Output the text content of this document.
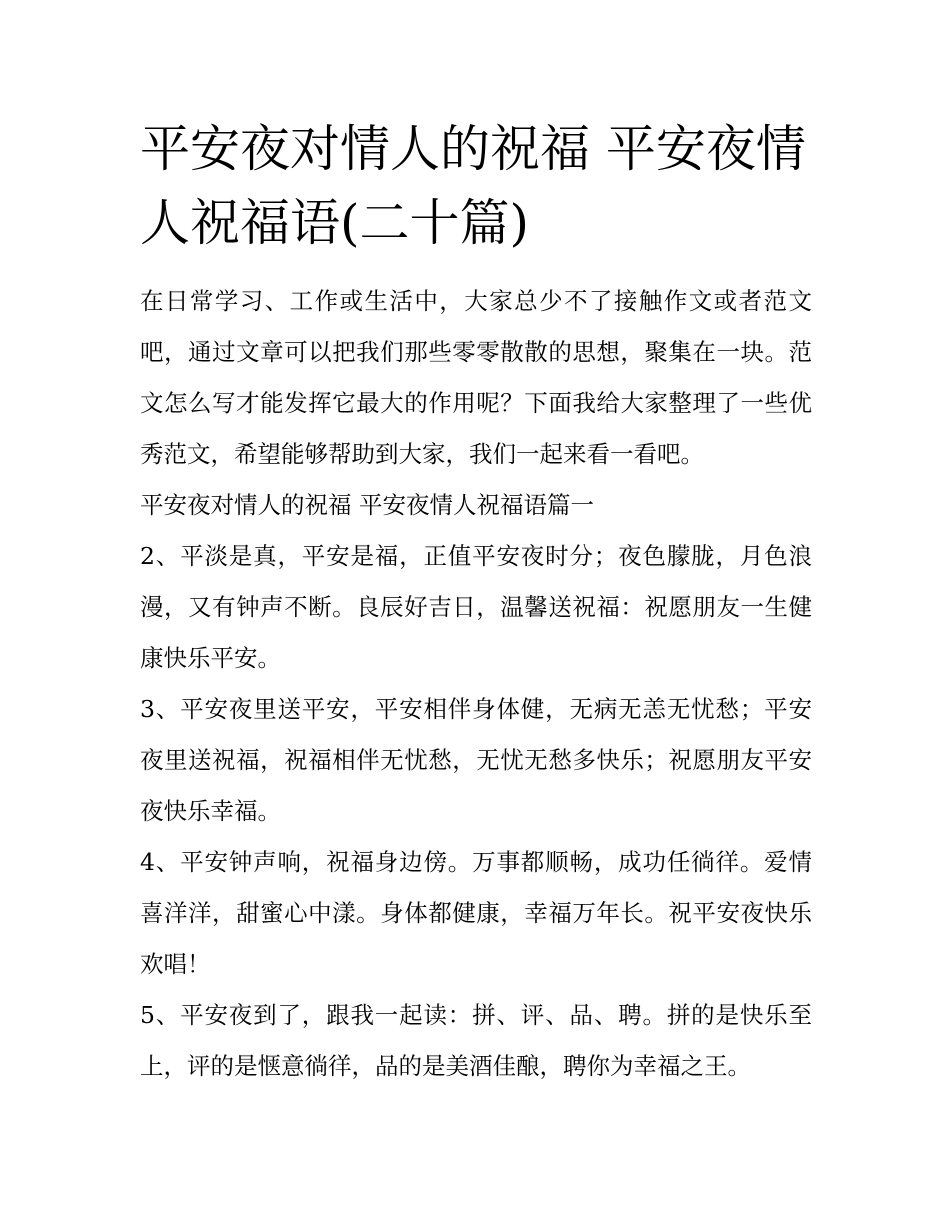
平安夜对情人的祝福 平安夜情人祝福语(二十篇)

在日常学习、工作或生活中，大家总少不了接触作文或者范文吧，通过文章可以把我们那些零零散散的思想，聚集在一块。范文怎么写才能发挥它最大的作用呢？下面我给大家整理了一些优秀范文，希望能够帮助到大家，我们一起来看一看吧。

平安夜对情人的祝福 平安夜情人祝福语篇一

2、平淡是真，平安是福，正值平安夜时分；夜色朦胧，月色浪漫，又有钟声不断。良辰好吉日，温馨送祝福：祝愿朋友一生健康快乐平安。

3、平安夜里送平安，平安相伴身体健，无病无恙无忧愁；平安夜里送祝福，祝福相伴无忧愁，无忧无愁多快乐；祝愿朋友平安夜快乐幸福。

4、平安钟声响，祝福身边傍。万事都顺畅，成功任徜徉。爱情喜洋洋，甜蜜心中漾。身体都健康，幸福万年长。祝平安夜快乐欢唱！

5、平安夜到了，跟我一起读：拼、评、品、聘。拼的是快乐至上，评的是惬意徜徉，品的是美酒佳酿，聘你为幸福之王。
